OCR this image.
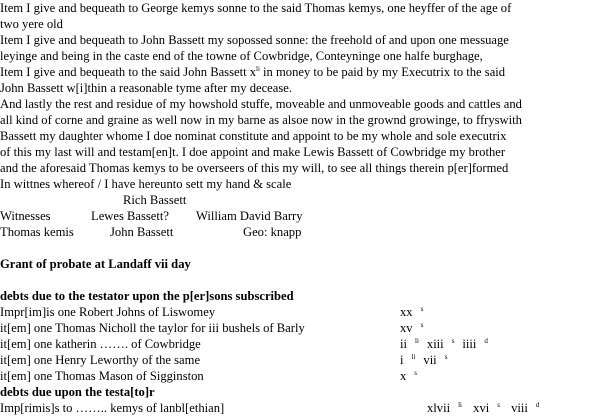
Item I give and bequeath to George kemys sonne to the said Thomas kemys, one heyffer of the age of
two yere old
Item I give and bequeath to John Bassett my sopossed sonne: the freehold of and upon one messuage
leyinge and being in the caste end of the towne of Cowbridge, Conteyninge one halfe burghage,
Item I give and bequeath to the said John Bassett $x^{li}$ in money to be paid by my Executrix to the said
John Bassett w[i]thin a reasonable tyme after my decease.
And lastly the rest and residue of my howshold stuffe, moveable and unmoveable goods and cattles and
all kind of corne and graine as well now in my barne as alsoe now in the grownd growinge, to ffryswith
Bassett my daughter whome I doe nominat constitute and appoint to be my whole and sole executrix
of this my last will and testam[en]t. I doe appoint and make Lewis Bassett of Cowbridge my brother
and the aforesaid Thomas kemys to be overseers of this my will, to see all things therein p[er]formed
In wittnes whereof / I have hereunto sett my hand & scale
Rich Bassett
Witnesses	Lewes Bassett? William David Barry
Thomas kemis	John Bassett	Geo: knapp
Grant of probate at Landaff vii day
debts due to the testator upon the p[er]sons subscribed
Impr[im]is one Robert Johns of Liswomey	xx $^s$
it[em] one Thomas Nicholl the taylor for iii bushels of Barly	xv $^s$
it[em] one katherin ……. of Cowbridge	ii $^{li}$ xiii $^s$ iiii $^d$
it[em] one Henry Leworthy of the same	i $^{li}$ vii $^s$
it[em] one Thomas Mason of Sigginston	x $^s$
debts due upon the testa[to]r
Imp[rimis]s to …….. kemys of lanbl[ethian]	xlvii $^{li}$ xvi $^s$ viii $^d$
